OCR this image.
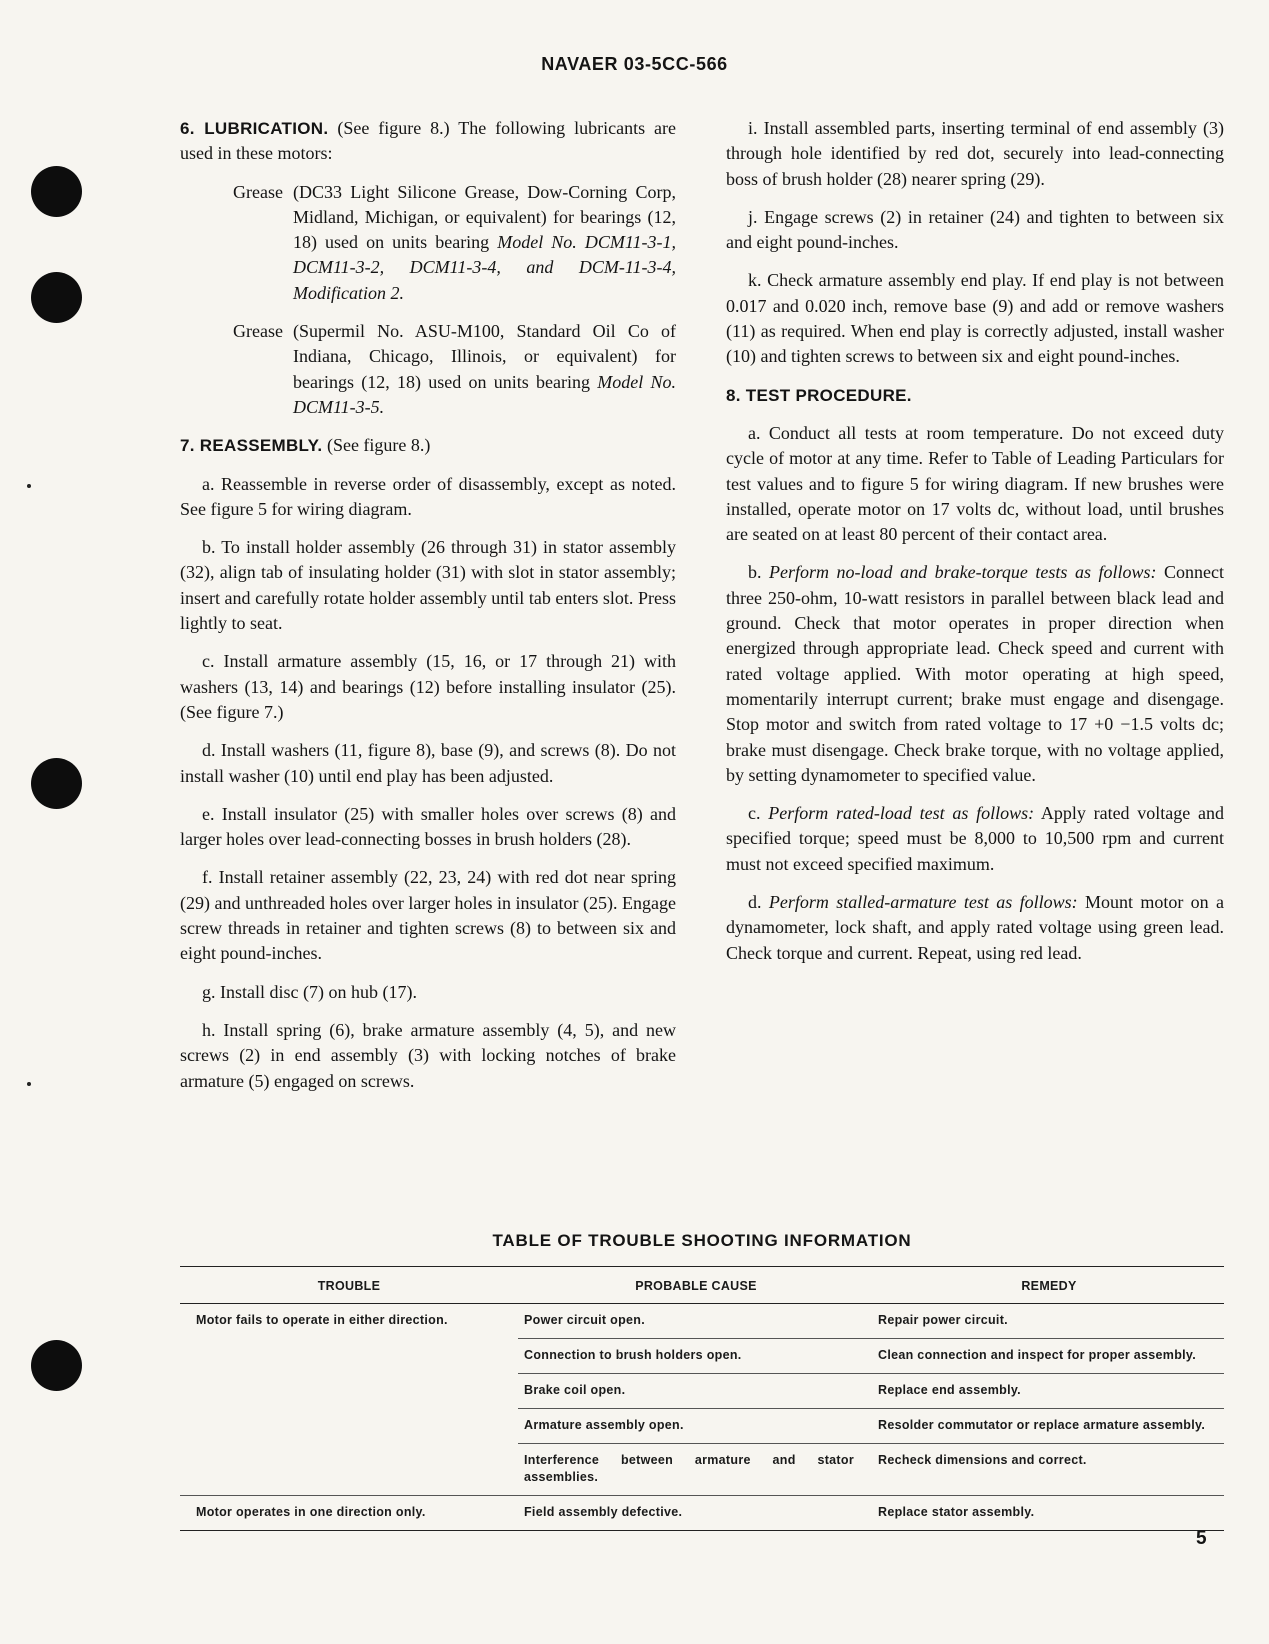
NAVAER 03-5CC-566

6. LUBRICATION. (See figure 8.) The following lubricants are used in these motors:

Grease (DC33 Light Silicone Grease, Dow-Corning Corp, Midland, Michigan, or equivalent) for bearings (12, 18) used on units bearing Model No. DCM11-3-1, DCM11-3-2, DCM11-3-4, and DCM-11-3-4, Modification 2.
Grease (Supermil No. ASU-M100, Standard Oil Co of Indiana, Chicago, Illinois, or equivalent) for bearings (12, 18) used on units bearing Model No. DCM11-3-5.

7. REASSEMBLY. (See figure 8.)

a. Reassemble in reverse order of disassembly, except as noted. See figure 5 for wiring diagram.

b. To install holder assembly (26 through 31) in stator assembly (32), align tab of insulating holder (31) with slot in stator assembly; insert and carefully rotate holder assembly until tab enters slot. Press lightly to seat.

c. Install armature assembly (15, 16, or 17 through 21) with washers (13, 14) and bearings (12) before installing insulator (25). (See figure 7.)

d. Install washers (11, figure 8), base (9), and screws (8). Do not install washer (10) until end play has been adjusted.

e. Install insulator (25) with smaller holes over screws (8) and larger holes over lead-connecting bosses in brush holders (28).

f. Install retainer assembly (22, 23, 24) with red dot near spring (29) and unthreaded holes over larger holes in insulator (25). Engage screw threads in retainer and tighten screws (8) to between six and eight pound-inches.

g. Install disc (7) on hub (17).

h. Install spring (6), brake armature assembly (4, 5), and new screws (2) in end assembly (3) with locking notches of brake armature (5) engaged on screws.

i. Install assembled parts, inserting terminal of end assembly (3) through hole identified by red dot, securely into lead-connecting boss of brush holder (28) nearer spring (29).

j. Engage screws (2) in retainer (24) and tighten to between six and eight pound-inches.

k. Check armature assembly end play. If end play is not between 0.017 and 0.020 inch, remove base (9) and add or remove washers (11) as required. When end play is correctly adjusted, install washer (10) and tighten screws to between six and eight pound-inches.

8. TEST PROCEDURE.

a. Conduct all tests at room temperature. Do not exceed duty cycle of motor at any time. Refer to Table of Leading Particulars for test values and to figure 5 for wiring diagram. If new brushes were installed, operate motor on 17 volts dc, without load, until brushes are seated on at least 80 percent of their contact area.

b. Perform no-load and brake-torque tests as follows: Connect three 250-ohm, 10-watt resistors in parallel between black lead and ground. Check that motor operates in proper direction when energized through appropriate lead. Check speed and current with rated voltage applied. With motor operating at high speed, momentarily interrupt current; brake must engage and disengage. Stop motor and switch from rated voltage to 17 +0 −1.5 volts dc; brake must disengage. Check brake torque, with no voltage applied, by setting dynamometer to specified value.

c. Perform rated-load test as follows: Apply rated voltage and specified torque; speed must be 8,000 to 10,500 rpm and current must not exceed specified maximum.

d. Perform stalled-armature test as follows: Mount motor on a dynamometer, lock shaft, and apply rated voltage using green lead. Check torque and current. Repeat, using red lead.

TABLE OF TROUBLE SHOOTING INFORMATION
TROUBLE	PROBABLE CAUSE	REMEDY
Motor fails to operate in either direction.	Power circuit open.	Repair power circuit.
	Connection to brush holders open.	Clean connection and inspect for proper assembly.
	Brake coil open.	Replace end assembly.
	Armature assembly open.	Resolder commutator or replace armature assembly.
	Interference between armature and stator assemblies.	Recheck dimensions and correct.
Motor operates in one direction only.	Field assembly defective.	Replace stator assembly.
5
